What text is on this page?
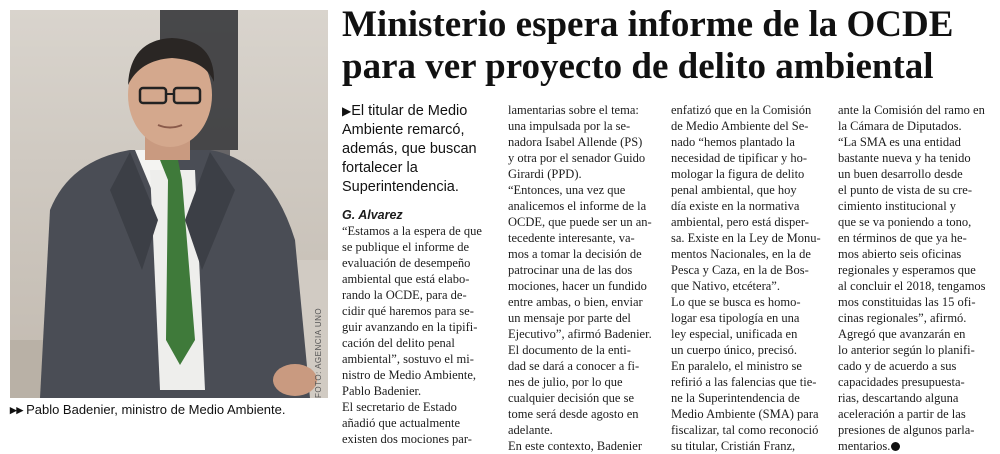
FOTO: AGENCIA UNO
▸▸ Pablo Badenier, ministro de Medio Ambiente.
Ministerio espera informe de la OCDE
para ver proyecto de delito ambiental
▶El titular de Medio
Ambiente remarcó,
además, que buscan
fortalecer la
Superintendencia.
G. Alvarez
“Estamos a la espera de que
se publique el informe de
evaluación de desempeño
ambiental que está elabo-
rando la OCDE, para de-
cidir qué haremos para se-
guir avanzando en la tipifi-
cación del delito penal
ambiental”, sostuvo el mi-
nistro de Medio Ambiente,
Pablo Badenier.
El secretario de Estado
añadió que actualmente
existen dos mociones par-
lamentarias sobre el tema:
una impulsada por la se-
nadora Isabel Allende (PS)
y otra por el senador Guido
Girardi (PPD).
“Entonces, una vez que
analicemos el informe de la
OCDE, que puede ser un an-
tecedente interesante, va-
mos a tomar la decisión de
patrocinar una de las dos
mociones, hacer un fundido
entre ambas, o bien, enviar
un mensaje por parte del
Ejecutivo”, afirmó Badenier.
El documento de la enti-
dad se dará a conocer a fi-
nes de julio, por lo que
cualquier decisión que se
tome será desde agosto en
adelante.
En este contexto, Badenier
enfatizó que en la Comisión
de Medio Ambiente del Se-
nado “hemos plantado la
necesidad de tipificar y ho-
mologar la figura de delito
penal ambiental, que hoy
día existe en la normativa
ambiental, pero está disper-
sa. Existe en la Ley de Monu-
mentos Nacionales, en la de
Pesca y Caza, en la de Bos-
que Nativo, etcétera”.
Lo que se busca es homo-
logar esa tipología en una
ley especial, unificada en
un cuerpo único, precisó.
En paralelo, el ministro se
refirió a las falencias que tie-
ne la Superintendencia de
Medio Ambiente (SMA) para
fiscalizar, tal como reconoció
su titular, Cristián Franz,
ante la Comisión del ramo en
la Cámara de Diputados.
“La SMA es una entidad
bastante nueva y ha tenido
un buen desarrollo desde
el punto de vista de su cre-
cimiento institucional y
que se va poniendo a tono,
en términos de que ya he-
mos abierto seis oficinas
regionales y esperamos que
al concluir el 2018, tengamos
mos constituidas las 15 ofi-
cinas regionales”, afirmó.
Agregó que avanzarán en
lo anterior según lo planifi-
cado y de acuerdo a sus
capacidades presupuesta-
rias, descartando alguna
aceleración a partir de las
presiones de algunos parla-
mentarios.
